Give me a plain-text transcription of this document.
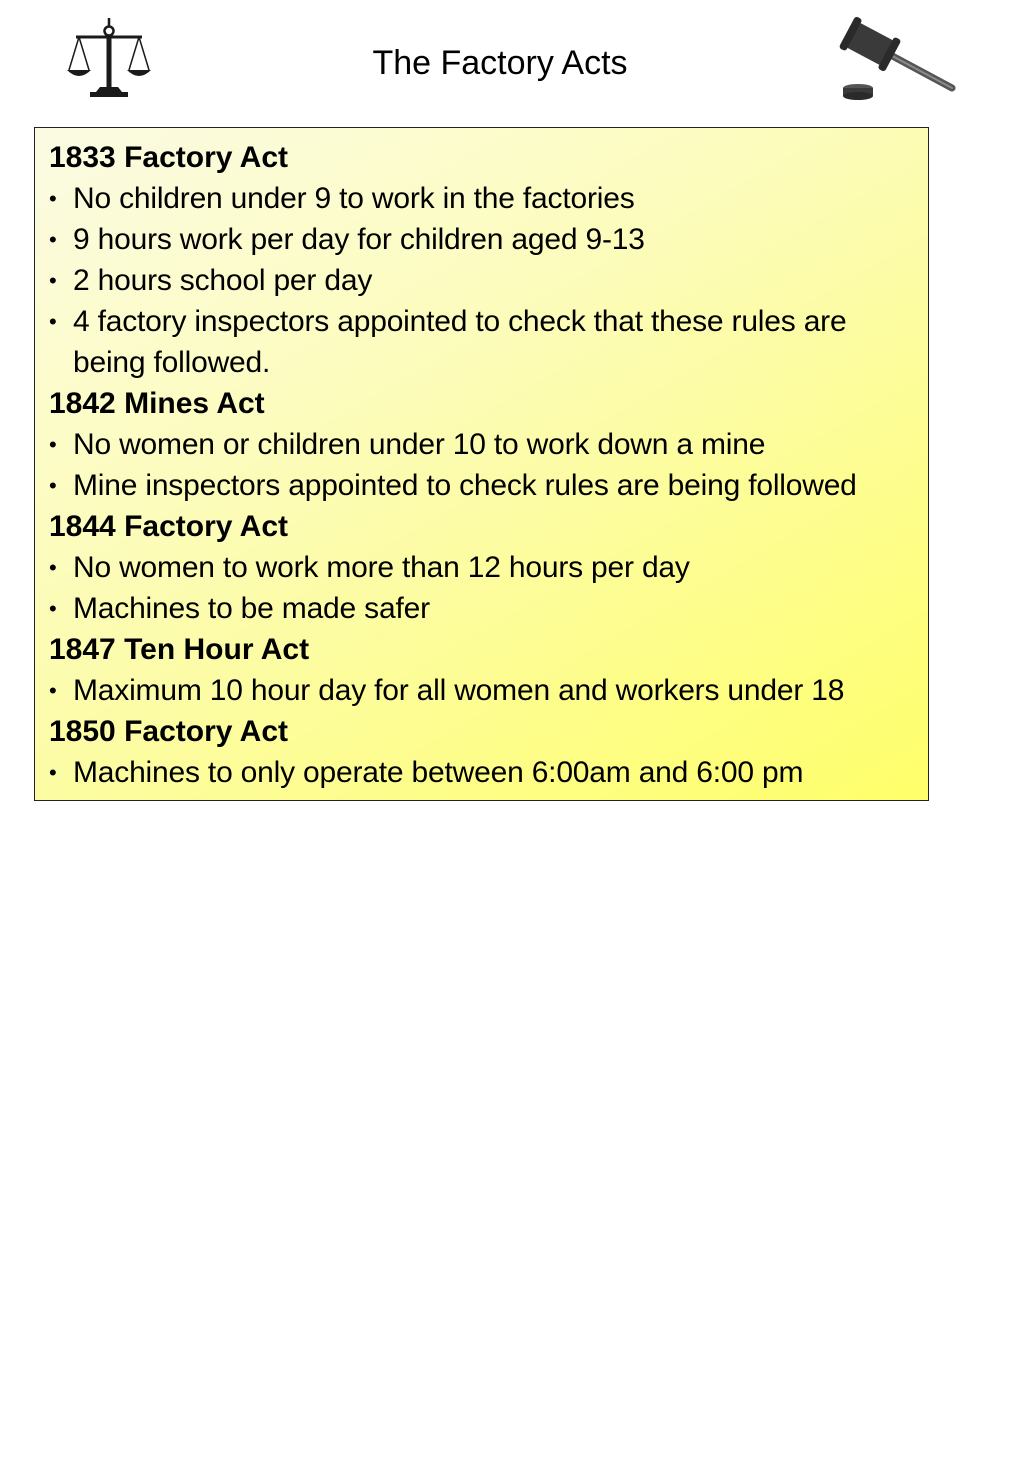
The Factory Acts
1833 Factory Act
• No children under 9 to work in the factories
• 9 hours work per day for children aged 9-13
• 2 hours school per day
• 4 factory inspectors appointed to check that these rules are being followed.
1842 Mines Act
• No women or children under 10 to work down a mine
• Mine inspectors appointed to check rules are being followed
1844 Factory Act
• No women to work more than 12 hours per day
• Machines to be made safer
1847 Ten Hour Act
• Maximum 10 hour day for all women and workers under 18
1850 Factory Act
• Machines to only operate between 6:00am and 6:00 pm
